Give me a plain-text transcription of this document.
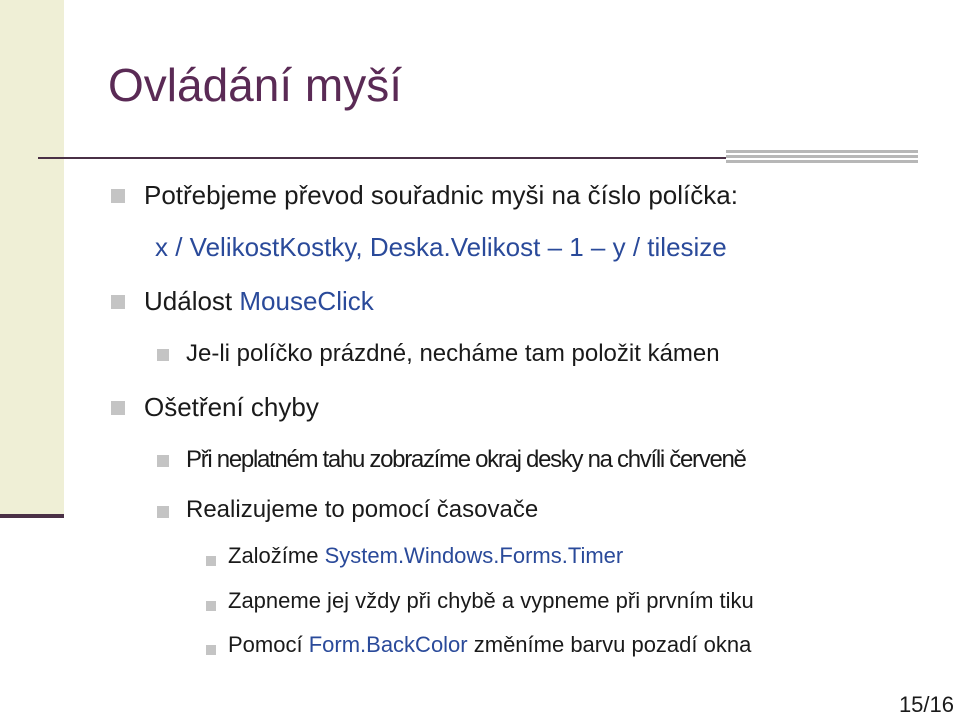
Ovládání myší
Potřebjeme převod souřadnic myši na číslo políčka:
x / VelikostKostky, Deska.Velikost – 1 – y / tilesize
Událost MouseClick
Je-li políčko prázdné, necháme tam položit kámen
Ošetření chyby
Při neplatném tahu zobrazíme okraj desky na chvíli červeně
Realizujeme to pomocí časovače
Založíme System.Windows.Forms.Timer
Zapneme jej vždy při chybě a vypneme při prvním tiku
Pomocí Form.BackColor změníme barvu pozadí okna
15/16
